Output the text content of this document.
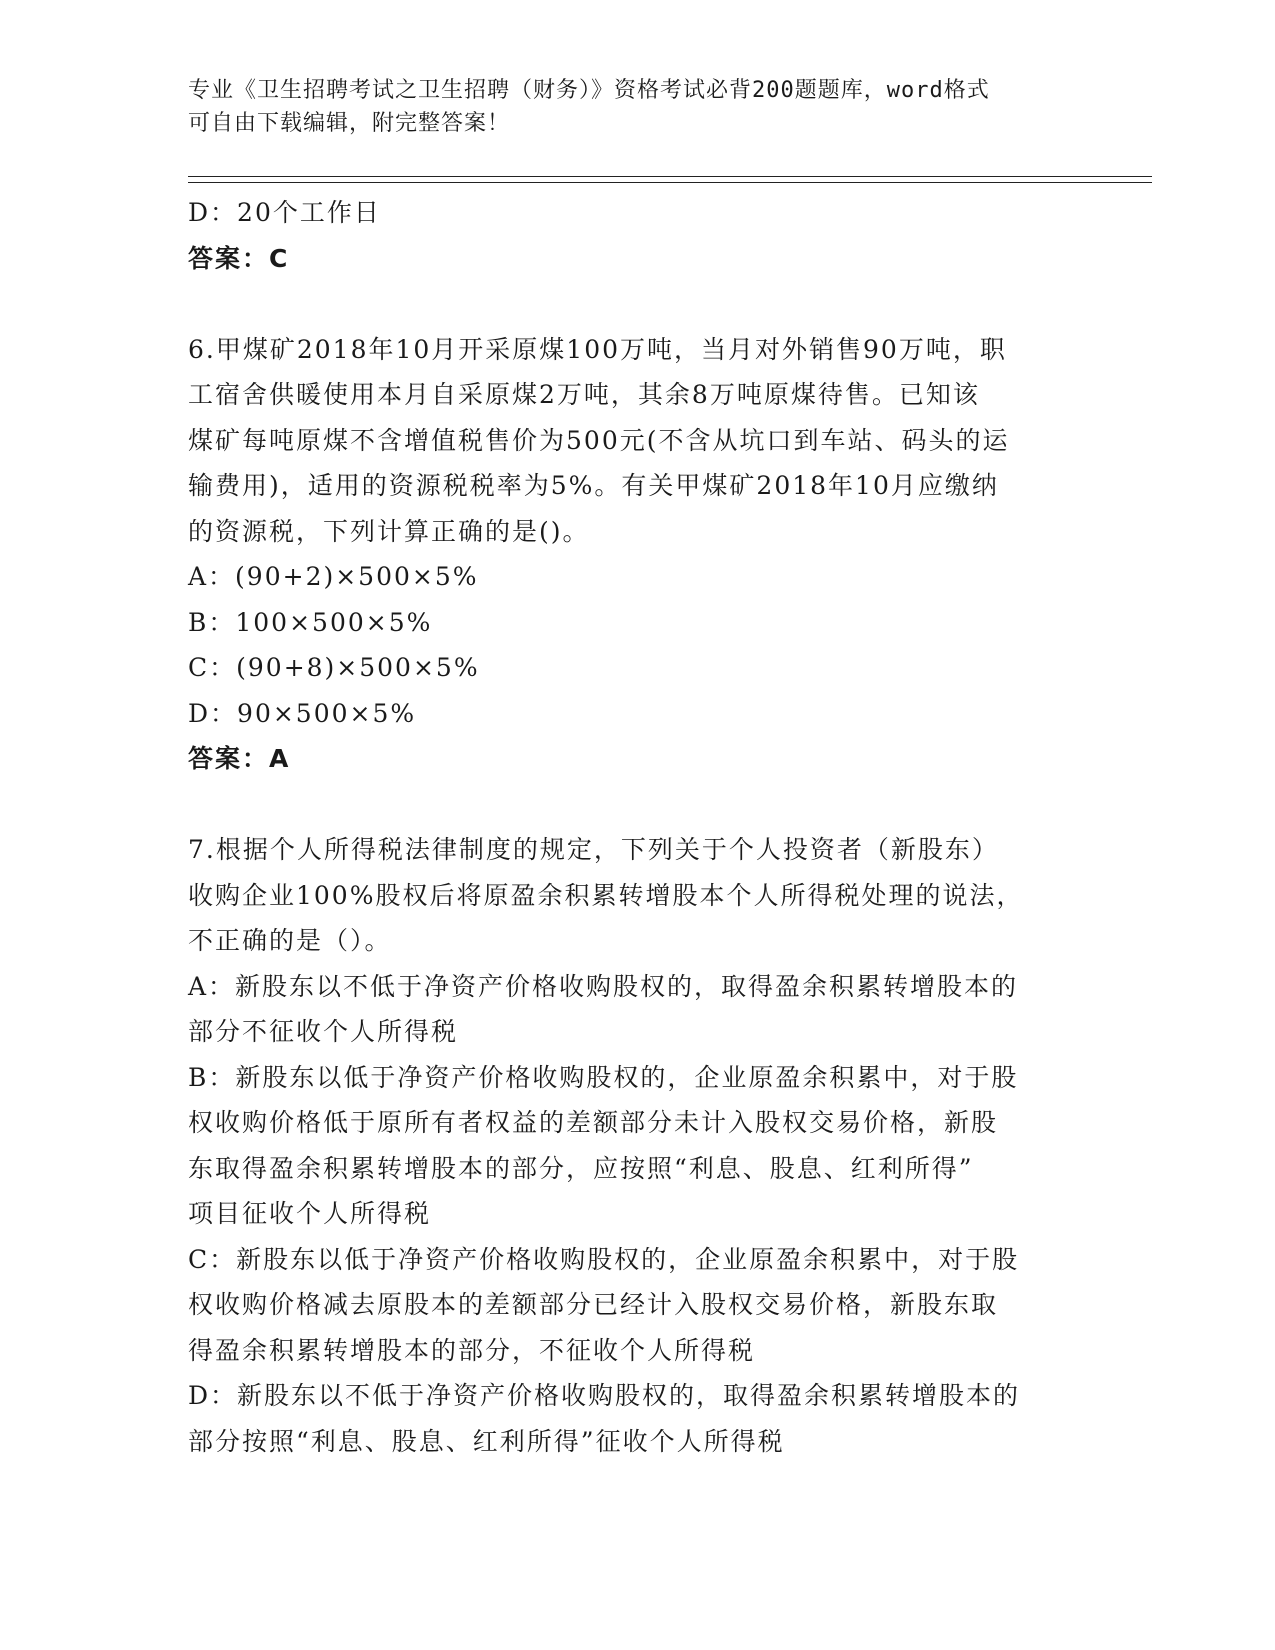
专业《卫生招聘考试之卫生招聘（财务）》资格考试必背200题题库，word格式
可自由下载编辑，附完整答案！
D：20个工作日
答案：C
6.甲煤矿2018年10月开采原煤100万吨，当月对外销售90万吨，职
工宿舍供暖使用本月自采原煤2万吨，其余8万吨原煤待售。已知该
煤矿每吨原煤不含增值税售价为500元(不含从坑口到车站、码头的运
输费用)，适用的资源税税率为5%。有关甲煤矿2018年10月应缴纳
的资源税，下列计算正确的是()。
A：(90+2)×500×5%
B：100×500×5%
C：(90+8)×500×5%
D：90×500×5%
答案：A
7.根据个人所得税法律制度的规定，下列关于个人投资者（新股东）
收购企业100%股权后将原盈余积累转增股本个人所得税处理的说法，
不正确的是（）。
A：新股东以不低于净资产价格收购股权的，取得盈余积累转增股本的
部分不征收个人所得税
B：新股东以低于净资产价格收购股权的，企业原盈余积累中，对于股
权收购价格低于原所有者权益的差额部分未计入股权交易价格，新股
东取得盈余积累转增股本的部分，应按照“利息、股息、红利所得”
项目征收个人所得税
C：新股东以低于净资产价格收购股权的，企业原盈余积累中，对于股
权收购价格减去原股本的差额部分已经计入股权交易价格，新股东取
得盈余积累转增股本的部分，不征收个人所得税
D：新股东以不低于净资产价格收购股权的，取得盈余积累转增股本的
部分按照“利息、股息、红利所得”征收个人所得税
